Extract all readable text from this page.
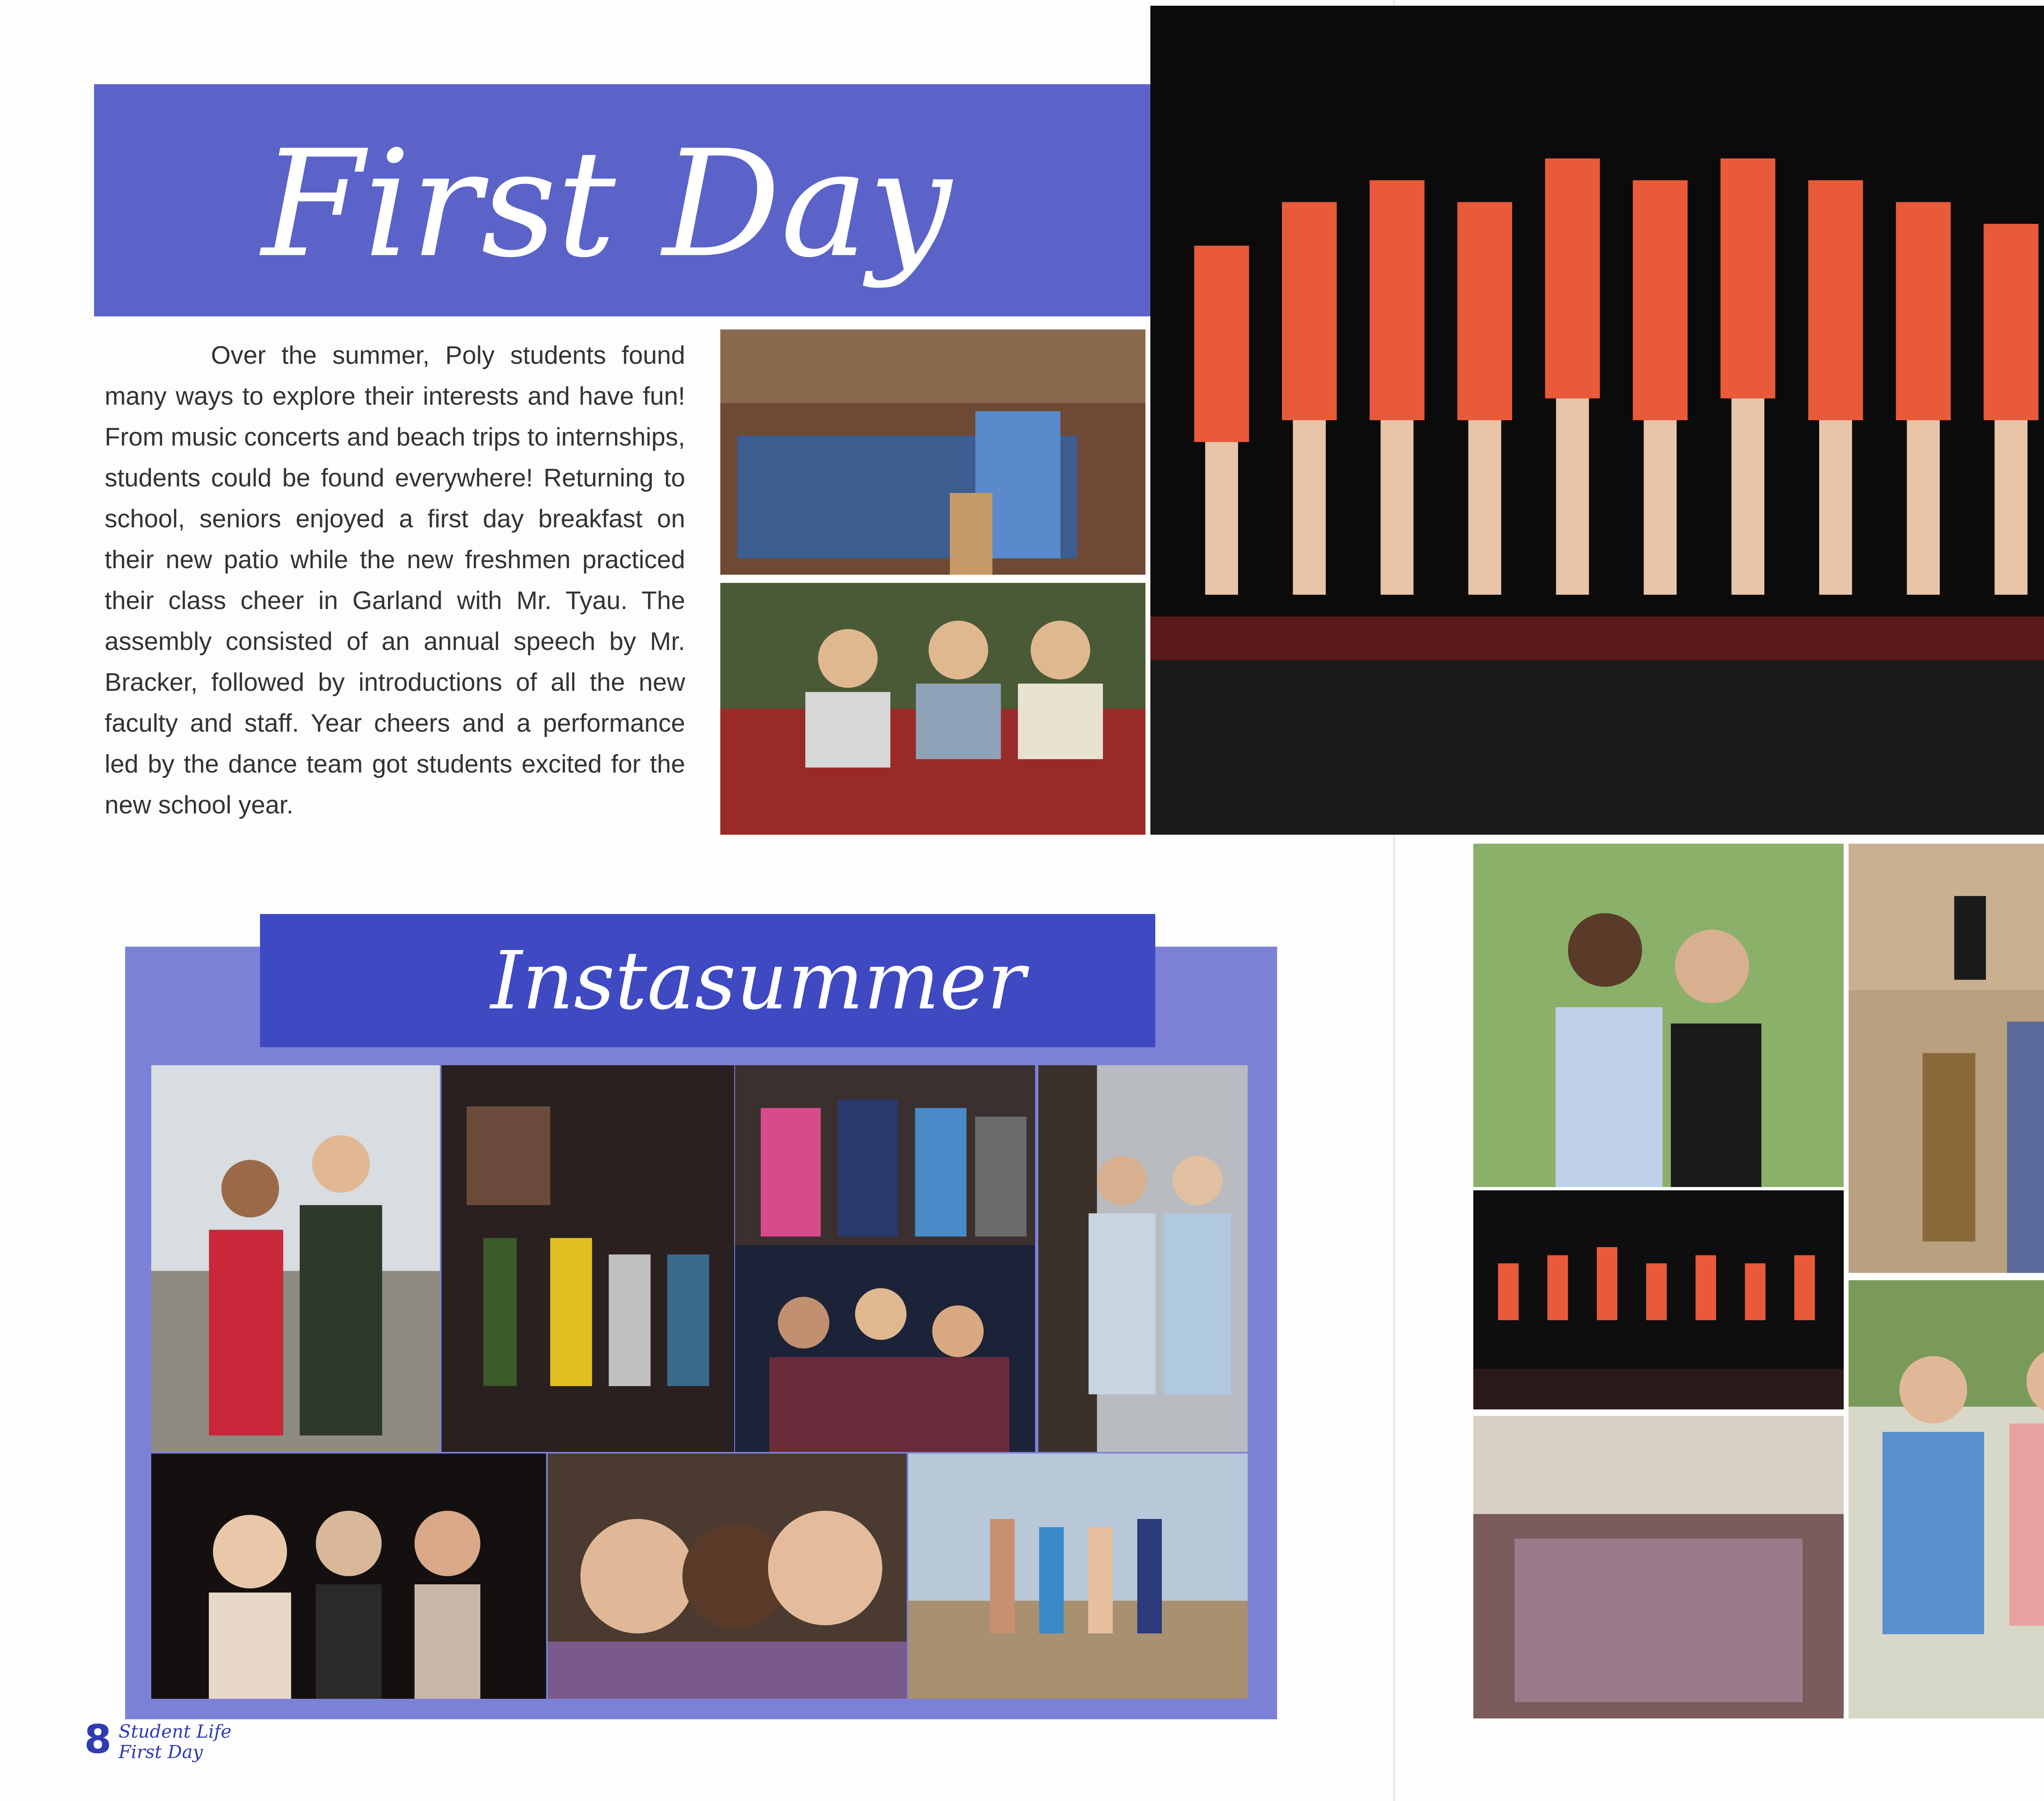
First Day
Over the summer, Poly students found many ways to explore their interests and have fun! From music concerts and beach trips to internships, students could be found everywhere! Returning to school, seniors enjoyed a first day breakfast on their new patio while the new freshmen practiced their class cheer in Garland with Mr. Tyau. The assembly consisted of an annual speech by Mr. Bracker, followed by introductions of all the new faculty and staff. Year cheers and a performance led by the dance team got students excited for the new school year.
Instasummer
8 Student Life
First Day
